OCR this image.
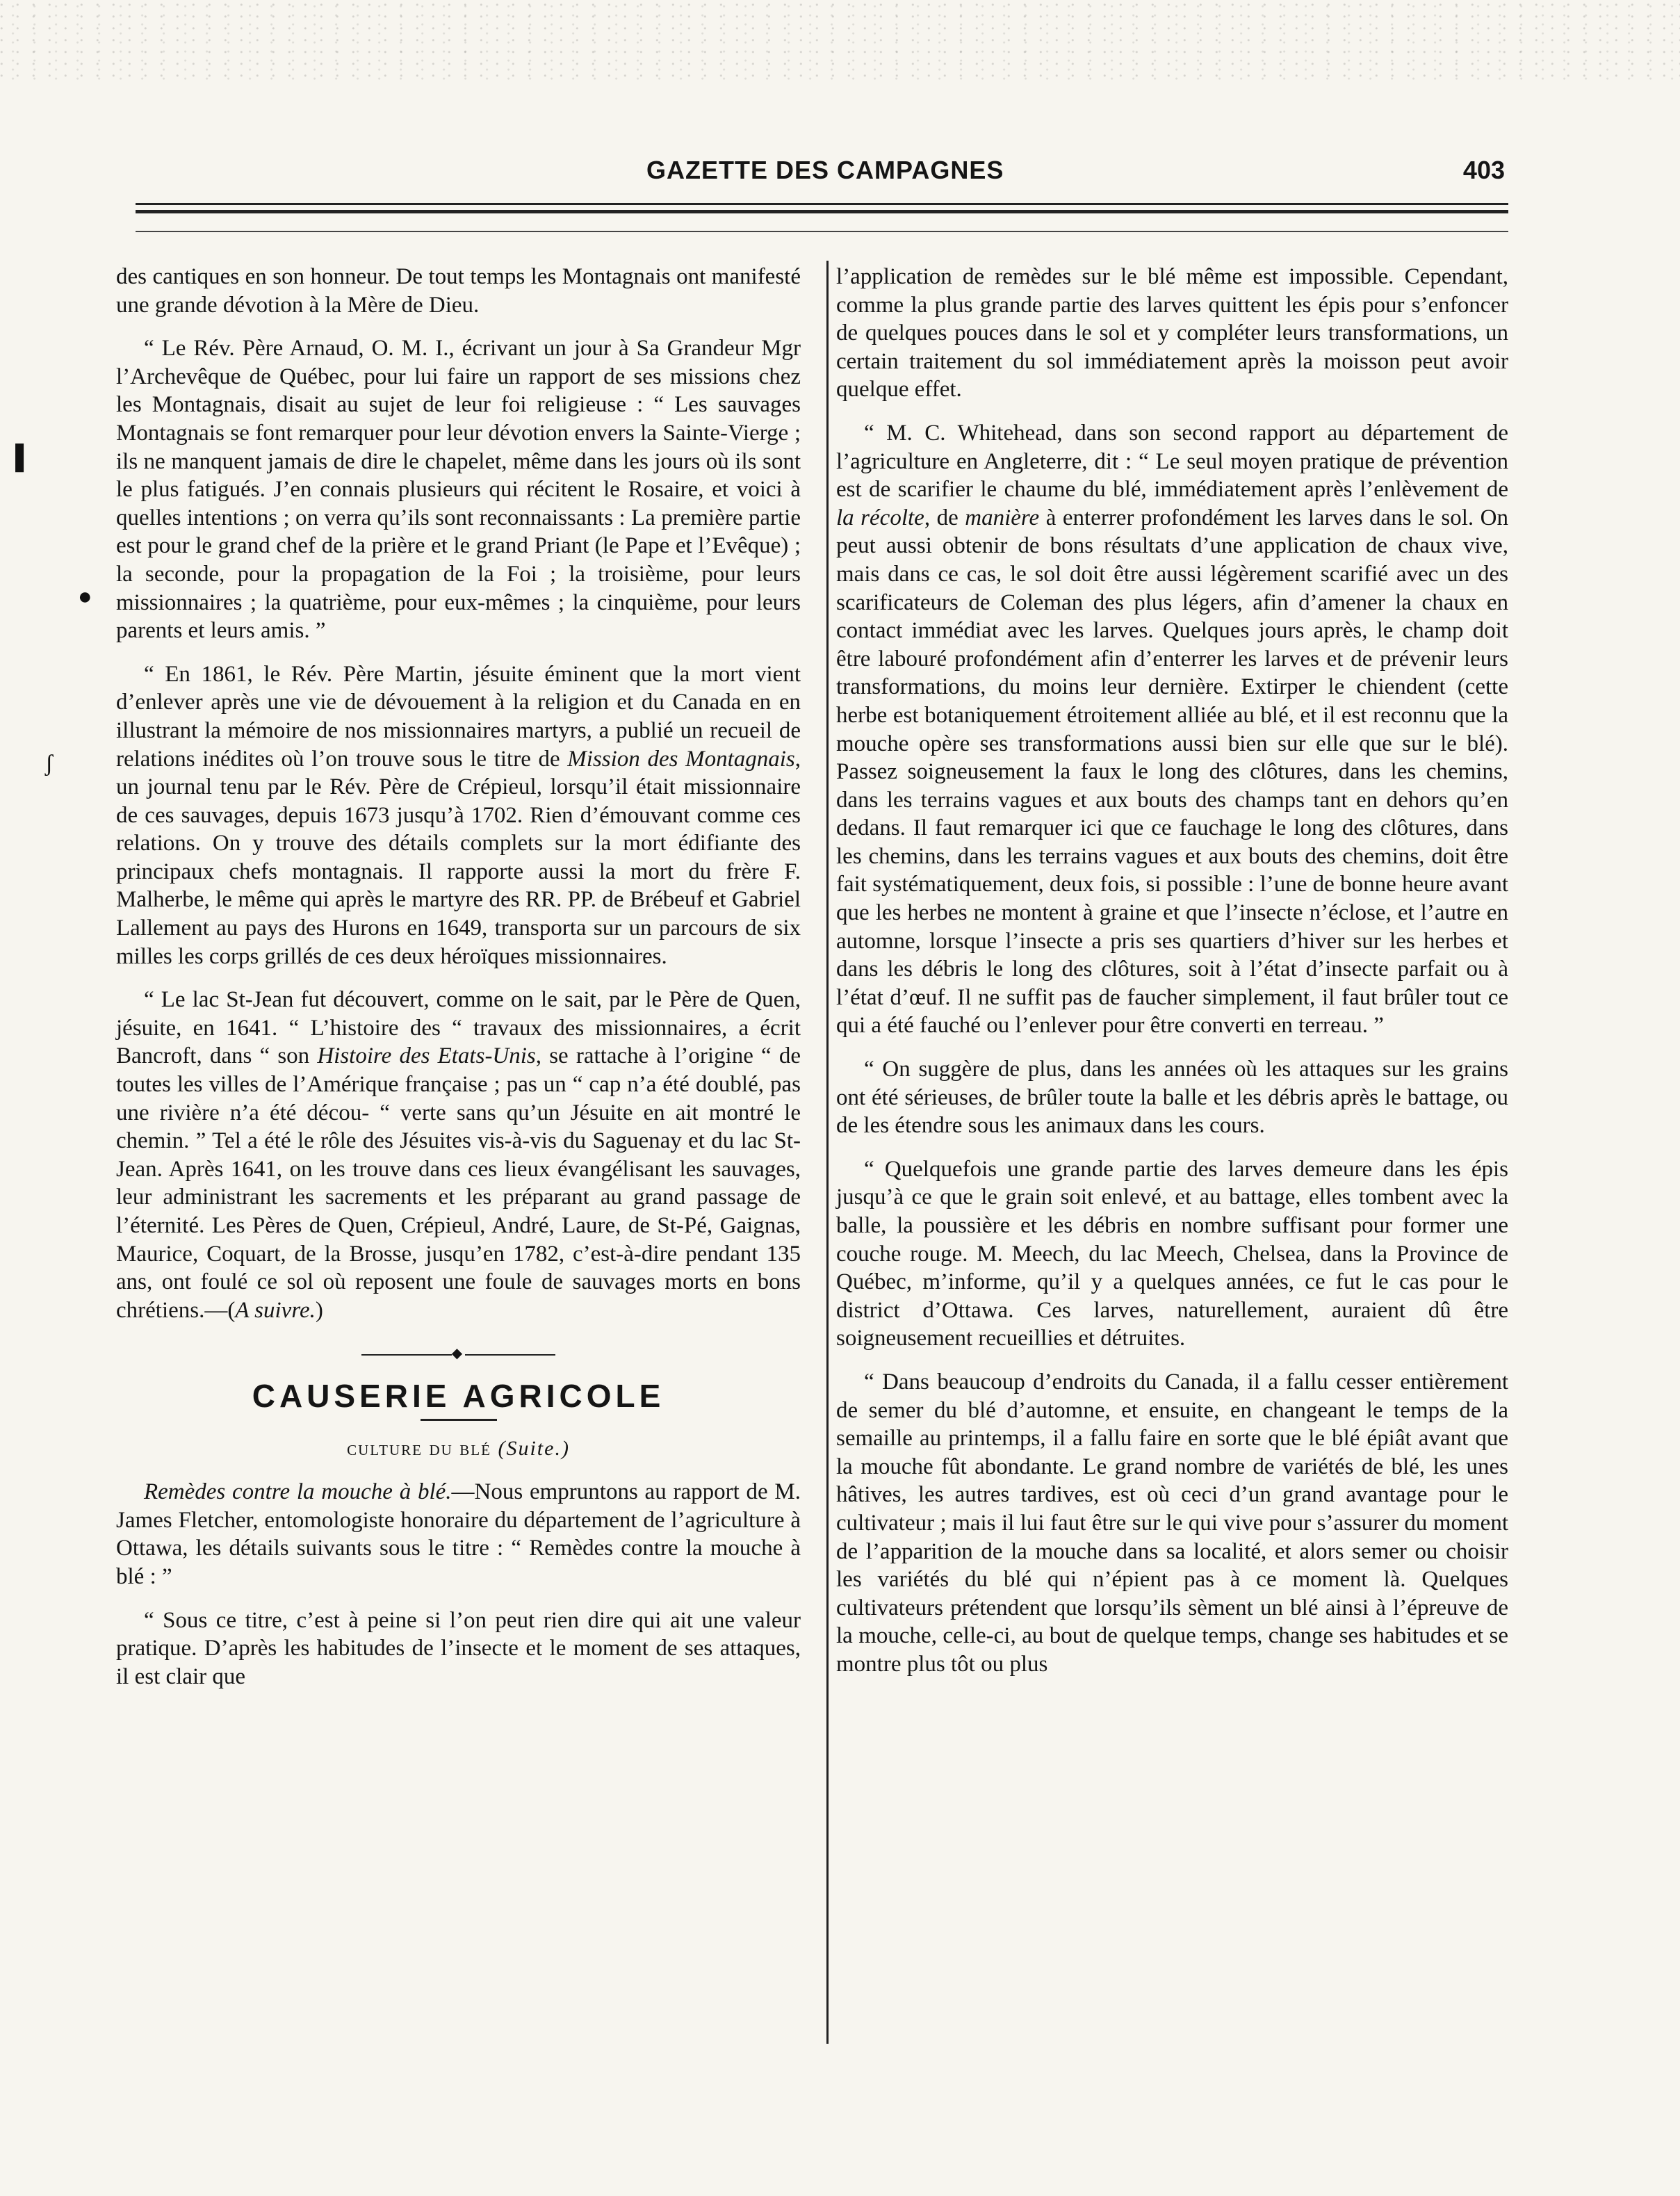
GAZETTE DES CAMPAGNES	403
▐
●
ʃ

des cantiques en son honneur. De tout temps les Montagnais ont manifesté une grande dévotion à la Mère de Dieu.

“ Le Rév. Père Arnaud, O. M. I., écrivant un jour à Sa Grandeur Mgr l’Archevêque de Québec, pour lui faire un rapport de ses missions chez les Montagnais, disait au sujet de leur foi religieuse : “ Les sauvages Montagnais se font remarquer pour leur dévotion envers la Sainte-Vierge ; ils ne manquent jamais de dire le chapelet, même dans les jours où ils sont le plus fatigués. J’en connais plusieurs qui récitent le Rosaire, et voici à quelles intentions ; on verra qu’ils sont reconnaissants : La première partie est pour le grand chef de la prière et le grand Priant (le Pape et l’Evêque) ; la seconde, pour la propagation de la Foi ; la troisième, pour leurs missionnaires ; la quatrième, pour eux-mêmes ; la cinquième, pour leurs parents et leurs amis. ”

“ En 1861, le Rév. Père Martin, jésuite éminent que la mort vient d’enlever après une vie de dévouement à la religion et du Canada en en illustrant la mémoire de nos missionnaires martyrs, a publié un recueil de relations inédites où l’on trouve sous le titre de Mission des Montagnais, un journal tenu par le Rév. Père de Crépieul, lorsqu’il était missionnaire de ces sauvages, depuis 1673 jusqu’à 1702. Rien d’émouvant comme ces relations. On y trouve des détails complets sur la mort édifiante des principaux chefs montagnais. Il rapporte aussi la mort du frère F. Malherbe, le même qui après le martyre des RR. PP. de Brébeuf et Gabriel Lallement au pays des Hurons en 1649, transporta sur un parcours de six milles les corps grillés de ces deux héroïques missionnaires.

“ Le lac St-Jean fut découvert, comme on le sait, par le Père de Quen, jésuite, en 1641. “ L’histoire des “ travaux des missionnaires, a écrit Bancroft, dans “ son Histoire des Etats-Unis, se rattache à l’origine “ de toutes les villes de l’Amérique française ; pas un “ cap n’a été doublé, pas une rivière n’a été décou- “ verte sans qu’un Jésuite en ait montré le chemin. ” Tel a été le rôle des Jésuites vis-à-vis du Saguenay et du lac St-Jean. Après 1641, on les trouve dans ces lieux évangélisant les sauvages, leur administrant les sacrements et les préparant au grand passage de l’éternité. Les Pères de Quen, Crépieul, André, Laure, de St-Pé, Gaignas, Maurice, Coquart, de la Brosse, jusqu’en 1782, c’est-à-dire pendant 135 ans, ont foulé ce sol où reposent une foule de sauvages morts en bons chrétiens.—(A suivre.)

◆
CAUSERIE AGRICOLE
culture du blé (Suite.)

Remèdes contre la mouche à blé.—Nous empruntons au rapport de M. James Fletcher, entomologiste honoraire du département de l’agriculture à Ottawa, les détails suivants sous le titre : “ Remèdes contre la mouche à blé : ”

“ Sous ce titre, c’est à peine si l’on peut rien dire qui ait une valeur pratique. D’après les habitudes de l’insecte et le moment de ses attaques, il est clair que

l’application de remèdes sur le blé même est impossible. Cependant, comme la plus grande partie des larves quittent les épis pour s’enfoncer de quelques pouces dans le sol et y compléter leurs transformations, un certain traitement du sol immédiatement après la moisson peut avoir quelque effet.

“ M. C. Whitehead, dans son second rapport au département de l’agriculture en Angleterre, dit : “ Le seul moyen pratique de prévention est de scarifier le chaume du blé, immédiatement après l’enlèvement de la récolte, de manière à enterrer profondément les larves dans le sol. On peut aussi obtenir de bons résultats d’une application de chaux vive, mais dans ce cas, le sol doit être aussi légèrement scarifié avec un des scarificateurs de Coleman des plus légers, afin d’amener la chaux en contact immédiat avec les larves. Quelques jours après, le champ doit être labouré profondément afin d’enterrer les larves et de prévenir leurs transformations, du moins leur dernière. Extirper le chiendent (cette herbe est botaniquement étroitement alliée au blé, et il est reconnu que la mouche opère ses transformations aussi bien sur elle que sur le blé). Passez soigneusement la faux le long des clôtures, dans les chemins, dans les terrains vagues et aux bouts des champs tant en dehors qu’en dedans. Il faut remarquer ici que ce fauchage le long des clôtures, dans les chemins, dans les terrains vagues et aux bouts des chemins, doit être fait systématiquement, deux fois, si possible : l’une de bonne heure avant que les herbes ne montent à graine et que l’insecte n’éclose, et l’autre en automne, lorsque l’insecte a pris ses quartiers d’hiver sur les herbes et dans les débris le long des clôtures, soit à l’état d’insecte parfait ou à l’état d’œuf. Il ne suffit pas de faucher simplement, il faut brûler tout ce qui a été fauché ou l’enlever pour être converti en terreau. ”

“ On suggère de plus, dans les années où les attaques sur les grains ont été sérieuses, de brûler toute la balle et les débris après le battage, ou de les étendre sous les animaux dans les cours.

“ Quelquefois une grande partie des larves demeure dans les épis jusqu’à ce que le grain soit enlevé, et au battage, elles tombent avec la balle, la poussière et les débris en nombre suffisant pour former une couche rouge. M. Meech, du lac Meech, Chelsea, dans la Province de Québec, m’informe, qu’il y a quelques années, ce fut le cas pour le district d’Ottawa. Ces larves, naturellement, auraient dû être soigneusement recueillies et détruites.

“ Dans beaucoup d’endroits du Canada, il a fallu cesser entièrement de semer du blé d’automne, et ensuite, en changeant le temps de la semaille au printemps, il a fallu faire en sorte que le blé épiât avant que la mouche fût abondante. Le grand nombre de variétés de blé, les unes hâtives, les autres tardives, est où ceci d’un grand avantage pour le cultivateur ; mais il lui faut être sur le qui vive pour s’assurer du moment de l’apparition de la mouche dans sa localité, et alors semer ou choisir les variétés du blé qui n’épient pas à ce moment là. Quelques cultivateurs prétendent que lorsqu’ils sèment un blé ainsi à l’épreuve de la mouche, celle-ci, au bout de quelque temps, change ses habitudes et se montre plus tôt ou plus
